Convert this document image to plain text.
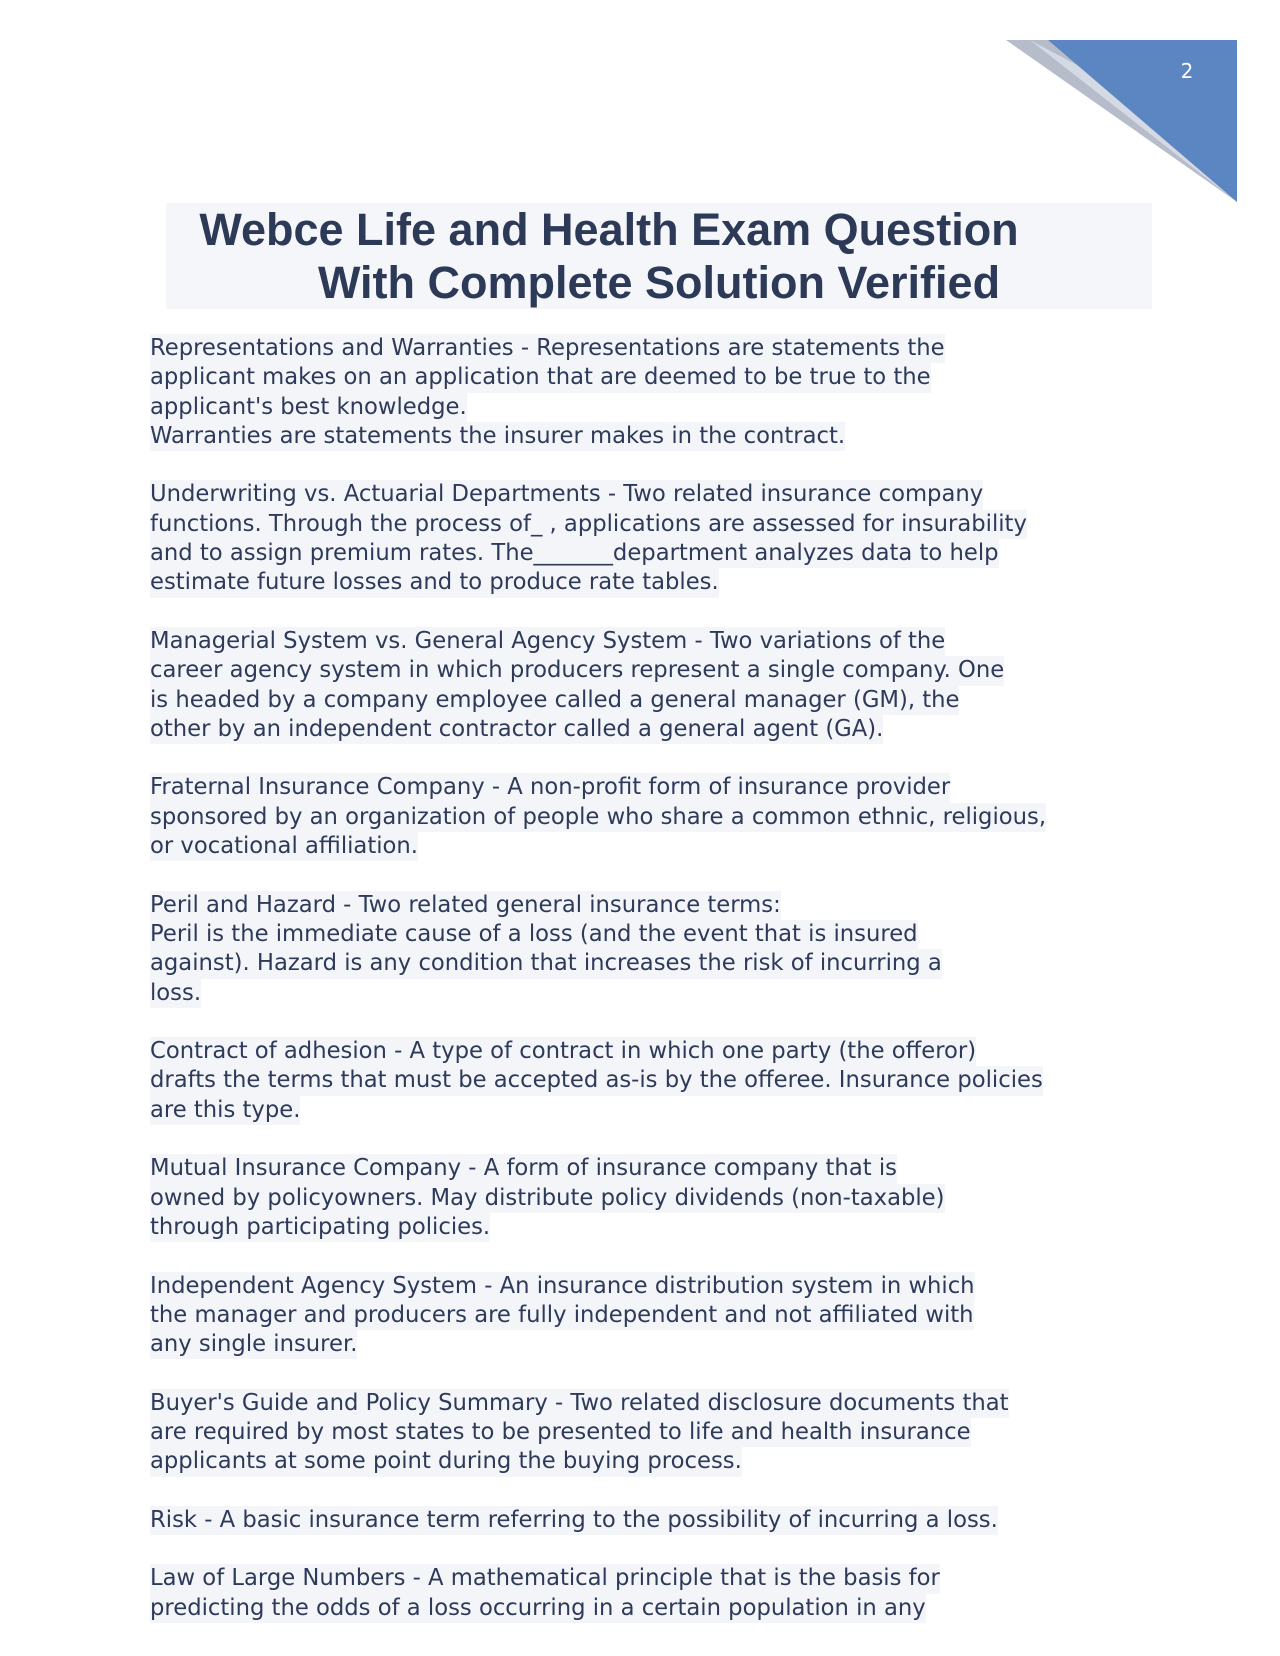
2
Webce Life and Health Exam Question
With Complete Solution Verified
Representations and Warranties - Representations are statements the
applicant makes on an application that are deemed to be true to the
applicant's best knowledge.
Warranties are statements the insurer makes in the contract.
Underwriting vs. Actuarial Departments - Two related insurance company
functions. Through the process of_ , applications are assessed for insurability
and to assign premium rates. The_______department analyzes data to help
estimate future losses and to produce rate tables.
Managerial System vs. General Agency System - Two variations of the
career agency system in which producers represent a single company. One
is headed by a company employee called a general manager (GM), the
other by an independent contractor called a general agent (GA).
Fraternal Insurance Company - A non-profit form of insurance provider
sponsored by an organization of people who share a common ethnic, religious,
or vocational affiliation.
Peril and Hazard - Two related general insurance terms:
Peril is the immediate cause of a loss (and the event that is insured
against). Hazard is any condition that increases the risk of incurring a
loss.
Contract of adhesion - A type of contract in which one party (the offeror)
drafts the terms that must be accepted as-is by the offeree. Insurance policies
are this type.
Mutual Insurance Company - A form of insurance company that is
owned by policyowners. May distribute policy dividends (non-taxable)
through participating policies.
Independent Agency System - An insurance distribution system in which
the manager and producers are fully independent and not affiliated with
any single insurer.
Buyer's Guide and Policy Summary - Two related disclosure documents that
are required by most states to be presented to life and health insurance
applicants at some point during the buying process.
Risk - A basic insurance term referring to the possibility of incurring a loss.
Law of Large Numbers - A mathematical principle that is the basis for
predicting the odds of a loss occurring in a certain population in any
